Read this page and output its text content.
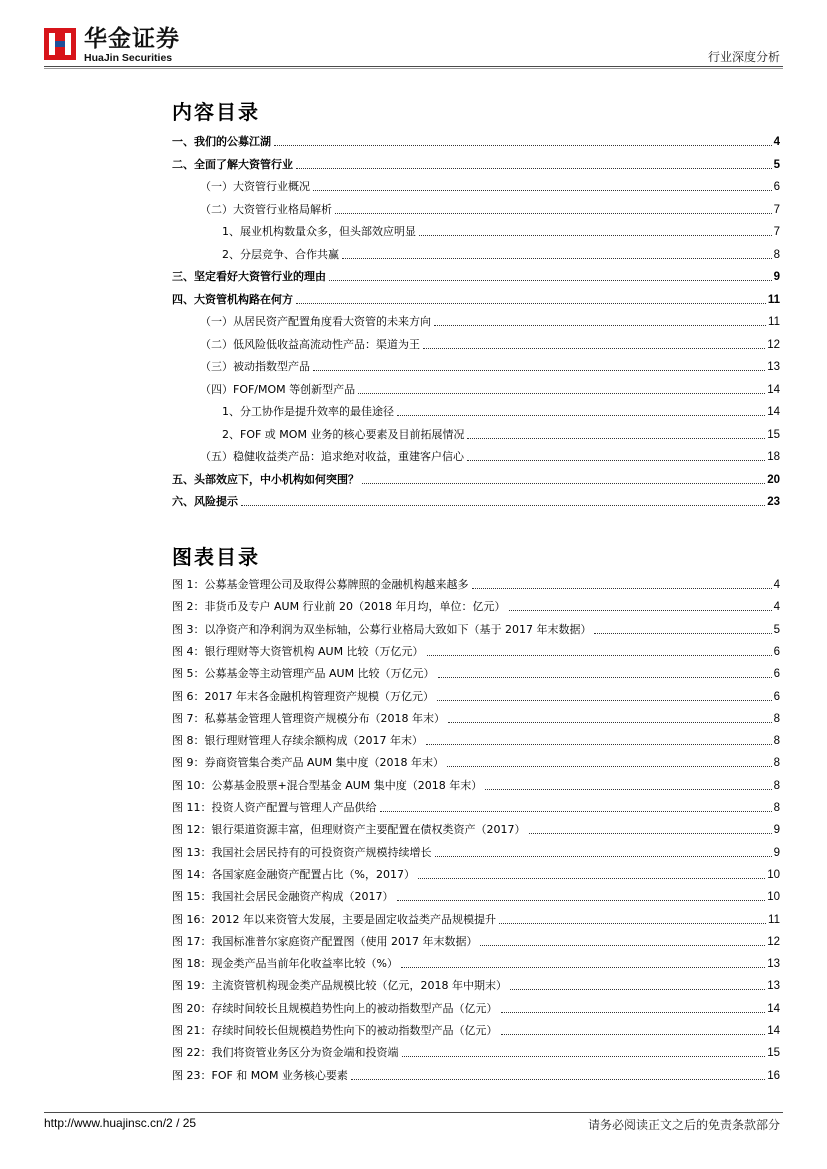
华金证券
HuaJin Securities	行业深度分析
内容目录
一、我们的公募江湖	4
二、全面了解大资管行业	5
（一）大资管行业概况	6
（二）大资管行业格局解析	7
1、展业机构数量众多，但头部效应明显	7
2、分层竞争、合作共赢	8
三、坚定看好大资管行业的理由	9
四、大资管机构路在何方	11
（一）从居民资产配置角度看大资管的未来方向	11
（二）低风险低收益高流动性产品：渠道为王	12
（三）被动指数型产品	13
（四）FOF/MOM 等创新型产品	14
1、分工协作是提升效率的最佳途径	14
2、FOF 或 MOM 业务的核心要素及目前拓展情况	15
（五）稳健收益类产品：追求绝对收益，重建客户信心	18
五、头部效应下，中小机构如何突围？	20
六、风险提示	23
图表目录
图 1：公募基金管理公司及取得公募牌照的金融机构越来越多	4
图 2：非货币及专户 AUM 行业前 20（2018 年月均，单位：亿元）	4
图 3：以净资产和净利润为双坐标轴，公募行业格局大致如下（基于 2017 年末数据）	5
图 4：银行理财等大资管机构 AUM 比较（万亿元）	6
图 5：公募基金等主动管理产品 AUM 比较（万亿元）	6
图 6：2017 年末各金融机构管理资产规模（万亿元）	6
图 7：私募基金管理人管理资产规模分布（2018 年末）	8
图 8：银行理财管理人存续余额构成（2017 年末）	8
图 9：券商资管集合类产品 AUM 集中度（2018 年末）	8
图 10：公募基金股票+混合型基金 AUM 集中度（2018 年末）	8
图 11：投资人资产配置与管理人产品供给	8
图 12：银行渠道资源丰富，但理财资产主要配置在债权类资产（2017）	9
图 13：我国社会居民持有的可投资资产规模持续增长	9
图 14：各国家庭金融资产配置占比（%，2017）	10
图 15：我国社会居民金融资产构成（2017）	10
图 16：2012 年以来资管大发展，主要是固定收益类产品规模提升	11
图 17：我国标准普尔家庭资产配置图（使用 2017 年末数据）	12
图 18：现金类产品当前年化收益率比较（%）	13
图 19：主流资管机构现金类产品规模比较（亿元，2018 年中期末）	13
图 20：存续时间较长且规模趋势性向上的被动指数型产品（亿元）	14
图 21：存续时间较长但规模趋势性向下的被动指数型产品（亿元）	14
图 22：我们将资管业务区分为资金端和投资端	15
图 23：FOF 和 MOM 业务核心要素	16
http://www.huajinsc.cn/2 / 25	请务必阅读正文之后的免责条款部分
